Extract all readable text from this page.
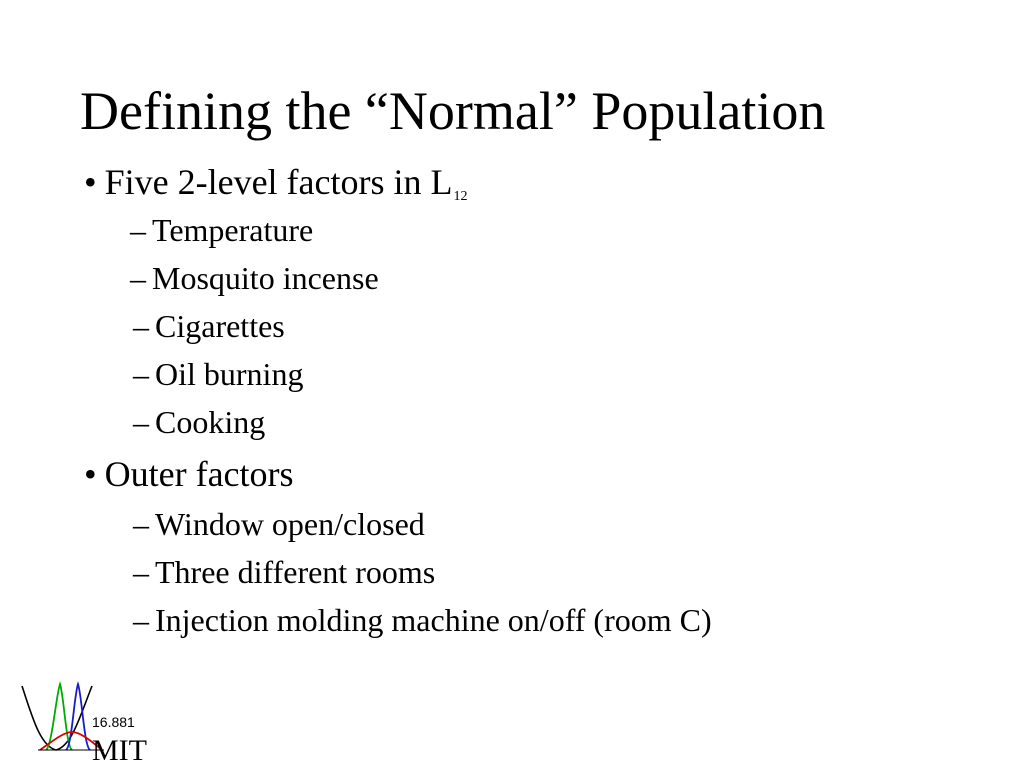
Defining the “Normal” Population
• Five 2-level factors in L12
– Temperature
– Mosquito incense
– Cigarettes
– Oil burning
– Cooking
• Outer factors
– Window open/closed
– Three different rooms
– Injection molding machine on/off (room C)
16.881
MIT
